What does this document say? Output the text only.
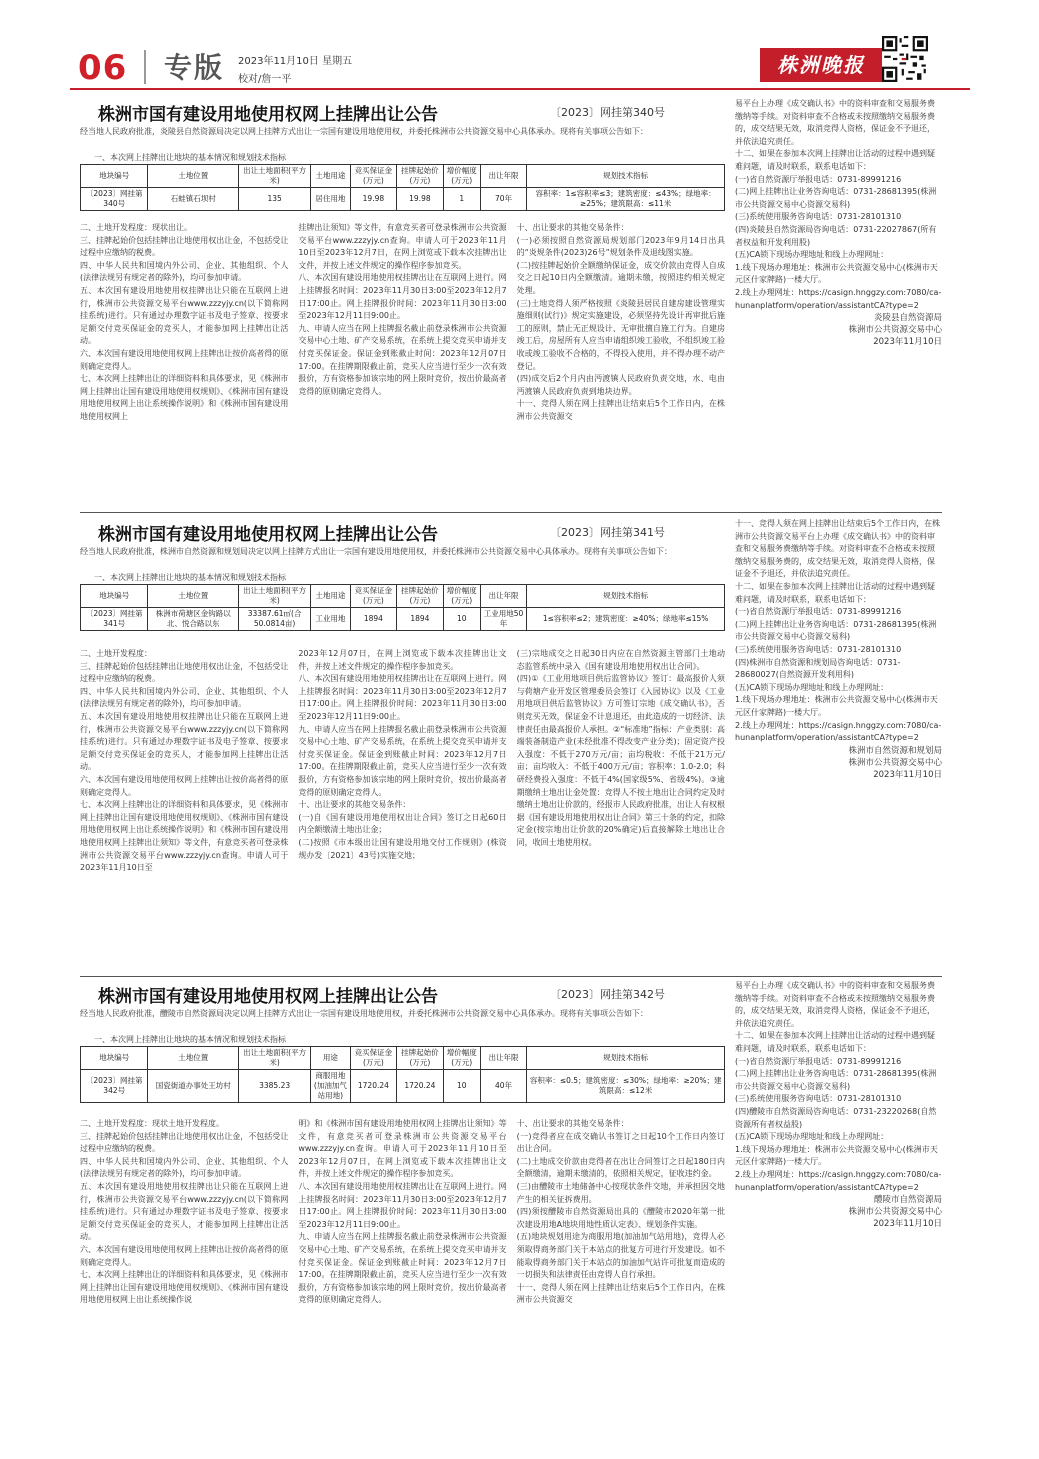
06 专版 2023年11月10日 星期五
校对/詹一平
株洲晚报
株洲市国有建设用地使用权网上挂牌出让公告	〔2023〕网挂第340号
经当地人民政府批准，炎陵县自然资源局决定以网上挂牌方式出让一宗国有建设用地使用权，并委托株洲市公共资源交易中心具体承办。现将有关事项公告如下：
一、本次网上挂牌出让地块的基本情况和规划技术指标
地块编号	土地位置	出让土地面积(平方米)	土地用途	竞买保证金(万元)	挂牌起始价(万元)	增价幅度(万元)	出让年限	规划技术指标
〔2023〕网挂第340号	石蛙镇石坝村	135	居住用地	19.98	19.98	1	70年	容积率：1≤容积率≤3；建筑密度：≤43%；绿地率：≥25%；建筑限高：≤11米

二、土地开发程度：现状出让。

三、挂牌起始价包括挂牌出让地使用权出让金，不包括受让过程中应缴纳的税费。

四、中华人民共和国境内外公司、企业、其他组织、个人(法律法规另有规定者的除外)，均可参加申请。

五、本次国有建设用地使用权挂牌出让只能在互联网上进行，株洲市公共资源交易平台www.zzzyjy.cn(以下简称网挂系统)进行。只有通过办理数字证书及电子签章、按要求足额交付竞买保证金的竞买人，才能参加网上挂牌出让活动。

六、本次国有建设用地使用权网上挂牌出让按价高者得的原则确定竞得人。

七、本次网上挂牌出让的详细资料和具体要求，见《株洲市网上挂牌出让国有建设用地使用权规则》、《株洲市国有建设用地使用权网上出让系统操作说明》和《株洲市国有建设用地使用权网上

挂牌出让须知》等文件，有意竞买者可登录株洲市公共资源交易平台www.zzzyjy.cn查询。申请人可于2023年11月10日至2023年12月7日，在网上浏览或下载本次挂牌出让文件，并按上述文件规定的操作程序参加竞买。

八、本次国有建设用地使用权挂牌出让在互联网上进行。网上挂牌报名时间：2023年11月30日3:00至2023年12月7日17:00止。网上挂牌报价时间：2023年11月30日3:00至2023年12月11日9:00止。

九、申请人应当在网上挂牌报名截止前登录株洲市公共资源交易中心土地、矿产交易系统，在系统上提交竞买申请并支付竞买保证金。保证金到账截止时间：2023年12月07日17:00。在挂牌期限截止前，竞买人应当进行至少一次有效报价，方有资格参加该宗地的网上限时竞价，按出价最高者竞得的原则确定竞得人。

十、出让要求的其他交易条件：

(一)必须按照自然资源局规划部门2023年9月14日出具的“炎规条件(2023)26号”规划条件及退线图实施。

(二)按挂牌起始价全额缴纳保证金，成交价款由竞得人自成交之日起10日内全额缴清。逾期未缴，按照违约相关规定处理。

(三)土地竞得人须严格按照《炎陵县居民自建房建设管理实施细则(试行)》规定实施建设，必须坚持先设计再审批后施工的原则，禁止无正规设计、无审批擅自施工行为。自建房竣工后，房屋所有人应当申请组织竣工验收，不组织竣工验收或竣工验收不合格的，不得投入使用，并不得办理不动产登记。

(四)成交后2个月内由沔渡镇人民政府负责交地，水、电由沔渡镇人民政府负责到地块边界。

十一、竞得人须在网上挂牌出让结束后5个工作日内，在株洲市公共资源交

易平台上办理《成交确认书》中的资料审查和交易服务费缴纳等手续。对资料审查不合格或未按照缴纳交易服务费的，成交结果无效，取消竞得人资格，保证金不予退还，并依法追究责任。

十二、如果在参加本次网上挂牌出让活动的过程中遇到疑难问题，请及时联系，联系电话如下：

(一)省自然资源厅举报电话：0731-89991216

(二)网上挂牌出让业务咨询电话：0731-28681395(株洲市公共资源交易中心资源交易科)

(三)系统使用服务咨询电话：0731-28101310

(四)炎陵县自然资源局咨询电话：0731-22027867(所有者权益和开发利用股)

(五)CA锁下现场办理地址和线上办理网址：

1.线下现场办理地址：株洲市公共资源交易中心(株洲市天元区什家牌路)一楼大厅。

2.线上办理网址：https://casign.hnggzy.com:7080/ca-hunanplatform/operation/assistantCA?type=2

炎陵县自然资源局
株洲市公共资源交易中心
2023年11月10日
株洲市国有建设用地使用权网上挂牌出让公告	〔2023〕网挂第341号
经当地人民政府批准，株洲市自然资源和规划局决定以网上挂牌方式出让一宗国有建设用地使用权，并委托株洲市公共资源交易中心具体承办。现将有关事项公告如下：
一、本次网上挂牌出让地块的基本情况和规划技术指标
地块编号	土地位置	出让土地面积(平方米)	土地用途	竞买保证金(万元)	挂牌起始价(万元)	增价幅度(万元)	出让年限	规划技术指标
〔2023〕网挂第341号	株洲市荷塘区金钩路以北、悦合路以东	33387.61㎡(合50.0814亩)	工业用地	1894	1894	10	工业用地50年	1≤容积率≤2；建筑密度：≥40%；绿地率≤15%

二、土地开发程度：

三、挂牌起始价包括挂牌出让地使用权出让金，不包括受让过程中应缴纳的税费。

四、中华人民共和国境内外公司、企业、其他组织、个人(法律法规另有规定者的除外)，均可参加申请。

五、本次国有建设用地使用权挂牌出让只能在互联网上进行，株洲市公共资源交易平台www.zzzyjy.cn(以下简称网挂系统)进行。只有通过办理数字证书及电子签章、按要求足额交付竞买保证金的竞买人，才能参加网上挂牌出让活动。

六、本次国有建设用地使用权网上挂牌出让按价高者得的原则确定竞得人。

七、本次网上挂牌出让的详细资料和具体要求，见《株洲市网上挂牌出让国有建设用地使用权规则》、《株洲市国有建设用地使用权网上出让系统操作说明》和《株洲市国有建设用地使用权网上挂牌出让须知》等文件，有意竞买者可登录株洲市公共资源交易平台www.zzzyjy.cn查询。申请人可于2023年11月10日至

2023年12月07日，在网上浏览或下载本次挂牌出让文件，并按上述文件规定的操作程序参加竞买。

八、本次国有建设用地使用权挂牌出让在互联网上进行。网上挂牌报名时间：2023年11月30日3:00至2023年12月7日17:00止。网上挂牌报价时间：2023年11月30日3:00至2023年12月11日9:00止。

九、申请人应当在网上挂牌报名截止前登录株洲市公共资源交易中心土地、矿产交易系统，在系统上提交竞买申请并支付竞买保证金。保证金到账截止时间：2023年12月7日17:00。在挂牌期限截止前，竞买人应当进行至少一次有效报价，方有资格参加该宗地的网上限时竞价，按出价最高者竞得的原则确定竞得人。

十、出让要求的其他交易条件：

(一)自《国有建设用地使用权出让合同》签订之日起60日内全额缴清土地出让金；

(二)按照《市本级出让国有建设用地交付工作规则》(株资规办发〔2021〕43号)实施交地；

(三)宗地成交之日起30日内应在自然资源主管部门土地动态监管系统中录入《国有建设用地使用权出让合同》。

(四)①《工业用地项目供后监管协议》签订：最高报价人须与荷塘产业开发区管理委员会签订《入园协议》以及《工业用地项目供后监管协议》方可签订宗地《成交确认书》，否则竞买无效，保证金不计息退还，由此造成的一切经济、法律责任由最高报价人承担。②“标准地”指标：产业类别：高端装备制造产业(未经批准不得改变产业分类)；固定资产投入强度：不低于270万元/亩；亩均税收：不低于21万元/亩；亩均收入：不低于400万元/亩；容积率：1.0-2.0；科研经费投入强度：不低于4%(国家级5%、省级4%)。③逾期缴纳土地出让金处置：竞得人不按土地出让合同约定及时缴纳土地出让价款的，经报市人民政府批准，出让人有权根据《国有建设用地使用权出让合同》第三十条的约定，扣除定金(按宗地出让价款的20%确定)后直接解除土地出让合同，收回土地使用权。

十一、竞得人须在网上挂牌出让结束后5个工作日内，在株洲市公共资源交易平台上办理《成交确认书》中的资料审查和交易服务费缴纳等手续。对资料审查不合格或未按照缴纳交易服务费的，成交结果无效，取消竞得人资格，保证金不予退还，并依法追究责任。

十二、如果在参加本次网上挂牌出让活动的过程中遇到疑难问题，请及时联系，联系电话如下：

(一)省自然资源厅举报电话：0731-89991216

(二)网上挂牌出让业务咨询电话：0731-28681395(株洲市公共资源交易中心资源交易科)

(三)系统使用服务咨询电话：0731-28101310

(四)株洲市自然资源和规划局咨询电话：0731-28680027(自然资源开发利用科)

(五)CA锁下现场办理地址和线上办理网址：

1.线下现场办理地址：株洲市公共资源交易中心(株洲市天元区什家牌路)一楼大厅。

2.线上办理网址：https://casign.hnggzy.com:7080/ca-hunanplatform/operation/assistantCA?type=2

株洲市自然资源和规划局
株洲市公共资源交易中心
2023年11月10日
株洲市国有建设用地使用权网上挂牌出让公告	〔2023〕网挂第342号
经当地人民政府批准，醴陵市自然资源局决定以网上挂牌方式出让一宗国有建设用地使用权，并委托株洲市公共资源交易中心具体承办。现将有关事项公告如下：
一、本次网上挂牌出让地块的基本情况和规划技术指标
地块编号	土地位置	出让土地面积(平方米)	用途	竞买保证金(万元)	挂牌起始价(万元)	增价幅度(万元)	出让年限	规划技术指标
〔2023〕网挂第342号	国瓷街道办事处王坊村	3385.23	商服用地(加油加气站用地)	1720.24	1720.24	10	40年	容积率：≤0.5；建筑密度：≤30%；绿地率：≥20%；建筑限高：≤12米

二、土地开发程度：现状土地开发程度。

三、挂牌起始价包括挂牌出让地使用权出让金，不包括受让过程中应缴纳的税费。

四、中华人民共和国境内外公司、企业、其他组织、个人(法律法规另有规定者的除外)，均可参加申请。

五、本次国有建设用地使用权挂牌出让只能在互联网上进行，株洲市公共资源交易平台www.zzzyjy.cn(以下简称网挂系统)进行。只有通过办理数字证书及电子签章、按要求足额交付竞买保证金的竞买人，才能参加网上挂牌出让活动。

六、本次国有建设用地使用权网上挂牌出让按价高者得的原则确定竞得人。

七、本次网上挂牌出让的详细资料和具体要求，见《株洲市网上挂牌出让国有建设用地使用权规则》、《株洲市国有建设用地使用权网上出让系统操作说

明》和《株洲市国有建设用地使用权网上挂牌出让须知》等文件，有意竞买者可登录株洲市公共资源交易平台www.zzzyjy.cn查询。申请人可于2023年11月10日至2023年12月07日，在网上浏览或下载本次挂牌出让文件，并按上述文件规定的操作程序参加竞买。

八、本次国有建设用地使用权挂牌出让在互联网上进行。网上挂牌报名时间：2023年11月30日3:00至2023年12月7日17:00止。网上挂牌报价时间：2023年11月30日3:00至2023年12月11日9:00止。

九、申请人应当在网上挂牌报名截止前登录株洲市公共资源交易中心土地、矿产交易系统，在系统上提交竞买申请并支付竞买保证金。保证金到账截止时间：2023年12月7日17:00。在挂牌期限截止前，竞买人应当进行至少一次有效报价，方有资格参加该宗地的网上限时竞价，按出价最高者竞得的原则确定竞得人。

十、出让要求的其他交易条件：

(一)竞得者应在成交确认书签订之日起10个工作日内签订出让合同。

(二)土地成交价款由竞得者在出让合同签订之日起180日内全额缴清，逾期未缴清的，依照相关规定，征收违约金。

(三)由醴陵市土地储备中心按现状条件交地，并承担因交地产生的相关征拆费用。

(四)须按醴陵市自然资源局出具的《醴陵市2020年第一批次建设用地A地块用地性质认定表》、规划条件实施。

(五)地块规划用途为商服用地(加油加气站用地)，竞得人必须取得商务部门关于本站点的批复方可进行开发建设。如不能取得商务部门关于本站点的加油加气站许可批复而造成的一切损失和法律责任由竞得人自行承担。

十一、竞得人须在网上挂牌出让结束后5个工作日内，在株洲市公共资源交

易平台上办理《成交确认书》中的资料审查和交易服务费缴纳等手续。对资料审查不合格或未按照缴纳交易服务费的，成交结果无效，取消竞得人资格，保证金不予退还，并依法追究责任。

十二、如果在参加本次网上挂牌出让活动的过程中遇到疑难问题，请及时联系，联系电话如下：

(一)省自然资源厅举报电话：0731-89991216

(二)网上挂牌出让业务咨询电话：0731-28681395(株洲市公共资源交易中心资源交易科)

(三)系统使用服务咨询电话：0731-28101310

(四)醴陵市自然资源局咨询电话：0731-23220268(自然资源所有者权益股)

(五)CA锁下现场办理地址和线上办理网址：

1.线下现场办理地址：株洲市公共资源交易中心(株洲市天元区什家牌路)一楼大厅。

2.线上办理网址：https://casign.hnggzy.com:7080/ca-hunanplatform/operation/assistantCA?type=2

醴陵市自然资源局
株洲市公共资源交易中心
2023年11月10日
